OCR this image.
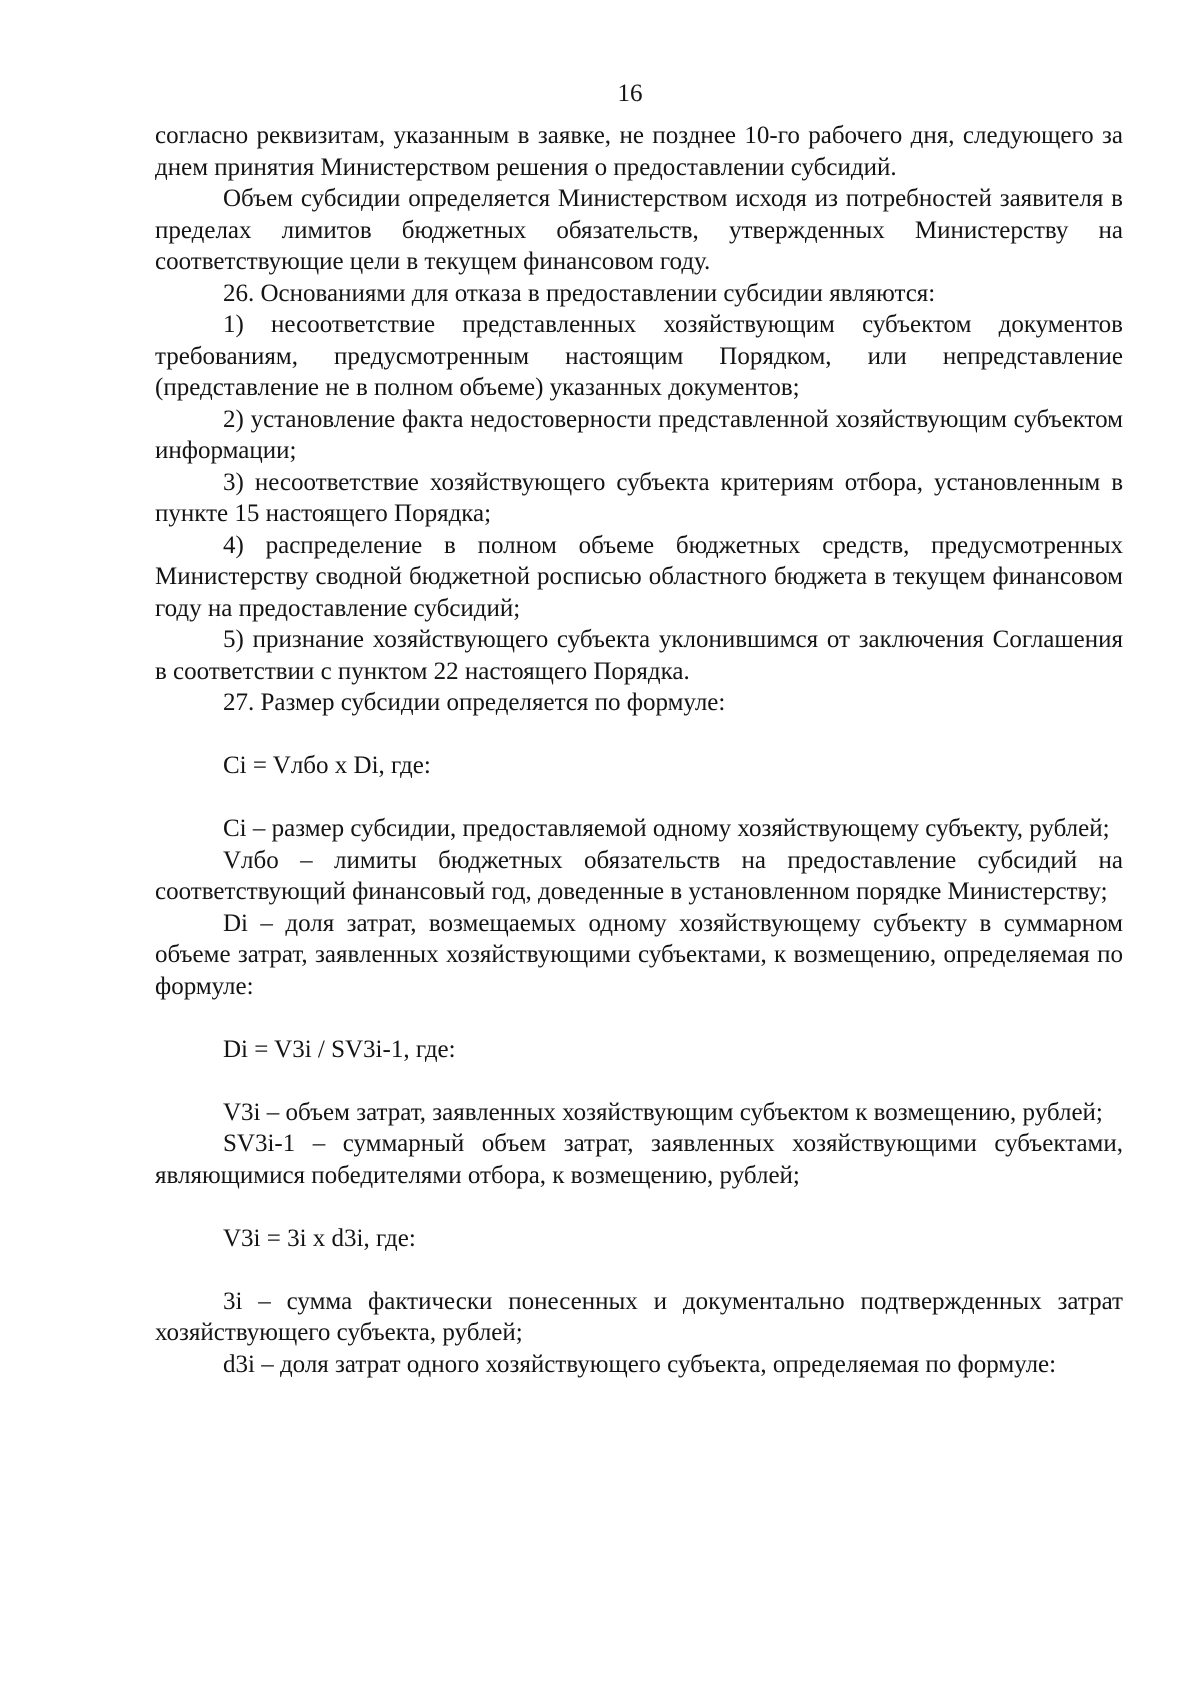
16

согласно реквизитам, указанным в заявке, не позднее 10-го рабочего дня, следующего за днем принятия Министерством решения о предоставлении субсидий.

Объем субсидии определяется Министерством исходя из потребностей заявителя в пределах лимитов бюджетных обязательств, утвержденных Министерству на соответствующие цели в текущем финансовом году.

26. Основаниями для отказа в предоставлении субсидии являются:

1) несоответствие представленных хозяйствующим субъектом документов требованиям, предусмотренным настоящим Порядком, или непредставление (представление не в полном объеме) указанных документов;

2) установление факта недостоверности представленной хозяйствующим субъектом информации;

3) несоответствие хозяйствующего субъекта критериям отбора, установленным в пункте 15 настоящего Порядка;

4) распределение в полном объеме бюджетных средств, предусмотренных Министерству сводной бюджетной росписью областного бюджета в текущем финансовом году на предоставление субсидий;

5) признание хозяйствующего субъекта уклонившимся от заключения Соглашения в соответствии с пунктом 22 настоящего Порядка.

27. Размер субсидии определяется по формуле:

Ci = Vлбо x Di, где:

Ci – размер субсидии, предоставляемой одному хозяйствующему субъекту, рублей;

Vлбо – лимиты бюджетных обязательств на предоставление субсидий на соответствующий финансовый год, доведенные в установленном порядке Министерству;

Di – доля затрат, возмещаемых одному хозяйствующему субъекту в суммарном объеме затрат, заявленных хозяйствующими субъектами, к возмещению, определяемая по формуле:

Di = V3i / SV3i-1, где:

V3i – объем затрат, заявленных хозяйствующим субъектом к возмещению, рублей;

SV3i-1 – суммарный объем затрат, заявленных хозяйствующими субъектами, являющимися победителями отбора, к возмещению, рублей;

V3i = 3i x d3i, где:

3i – сумма фактически понесенных и документально подтвержденных затрат хозяйствующего субъекта, рублей;

d3i – доля затрат одного хозяйствующего субъекта, определяемая по формуле:
